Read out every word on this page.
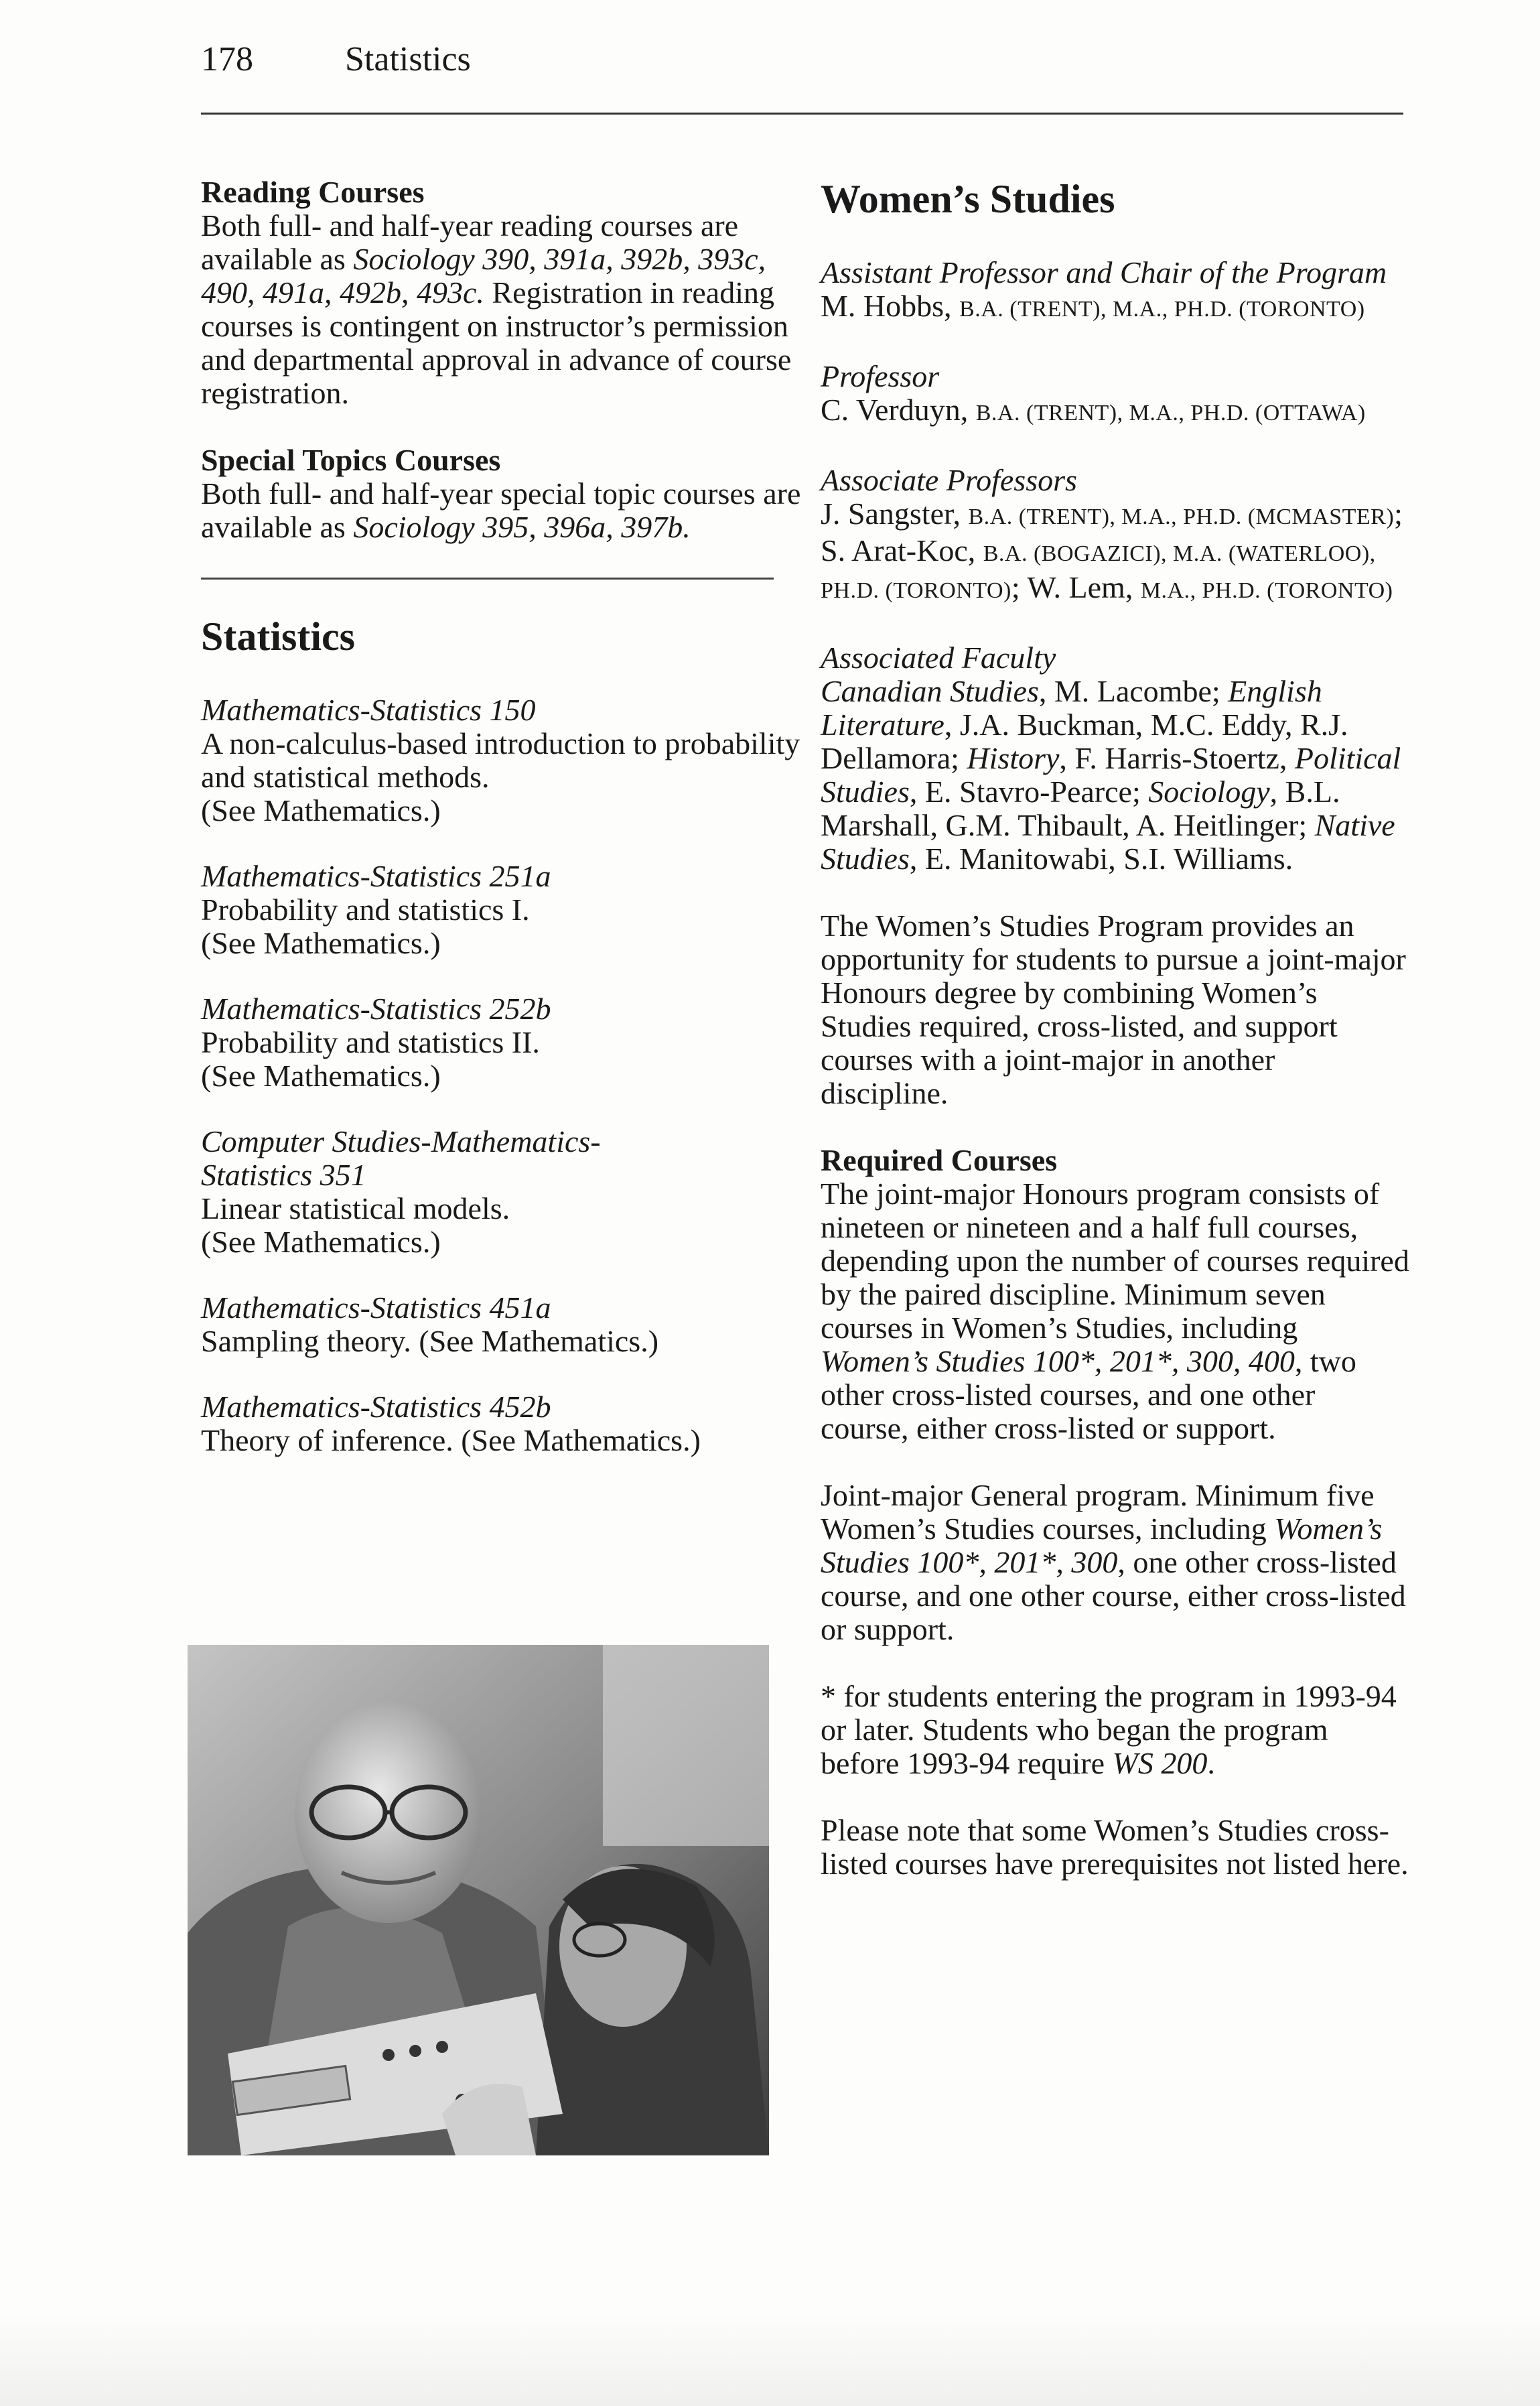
178	Statistics

Reading Courses

Both full- and half-year reading courses are available as Sociology 390, 391a, 392b, 393c, 490, 491a, 492b, 493c. Registration in reading courses is contingent on instructor’s permission and departmental approval in advance of course registration.

Special Topics Courses

Both full- and half-year special topic courses are available as Sociology 395, 396a, 397b.

Statistics
Mathematics-Statistics 150
A non-calculus-based introduction to probability and statistical methods.
(See Mathematics.)
Mathematics-Statistics 251a
Probability and statistics I.
(See Mathematics.)
Mathematics-Statistics 252b
Probability and statistics II.
(See Mathematics.)
Computer Studies-Mathematics-Statistics 351
Linear statistical models.
(See Mathematics.)
Mathematics-Statistics 451a
Sampling theory. (See Mathematics.)
Mathematics-Statistics 452b
Theory of inference. (See Mathematics.)
Women’s Studies
Assistant Professor and Chair of the Program
M. Hobbs, B.A. (TRENT), M.A., PH.D. (TORONTO)
Professor
C. Verduyn, B.A. (TRENT), M.A., PH.D. (OTTAWA)
Associate Professors
J. Sangster, B.A. (TRENT), M.A., PH.D. (MCMASTER); S. Arat-Koc, B.A. (BOGAZICI), M.A. (WATERLOO), PH.D. (TORONTO); W. Lem, M.A., PH.D. (TORONTO)
Associated Faculty
Canadian Studies, M. Lacombe; English Literature, J.A. Buckman, M.C. Eddy, R.J. Dellamora; History, F. Harris-Stoertz, Political Studies, E. Stavro-Pearce; Sociology, B.L. Marshall, G.M. Thibault, A. Heitlinger; Native Studies, E. Manitowabi, S.I. Williams.

The Women’s Studies Program provides an opportunity for students to pursue a joint-major Honours degree by combining Women’s Studies required, cross-listed, and support courses with a joint-major in another discipline.

Required Courses

The joint-major Honours program consists of nineteen or nineteen and a half full courses, depending upon the number of courses required by the paired discipline. Minimum seven courses in Women’s Studies, including Women’s Studies 100*, 201*, 300, 400, two other cross-listed courses, and one other course, either cross-listed or support.

Joint-major General program. Minimum five Women’s Studies courses, including Women’s Studies 100*, 201*, 300, one other cross-listed course, and one other course, either cross-listed or support.

* for students entering the program in 1993-94 or later. Students who began the program before 1993-94 require WS 200.

Please note that some Women’s Studies cross-listed courses have prerequisites not listed here.
